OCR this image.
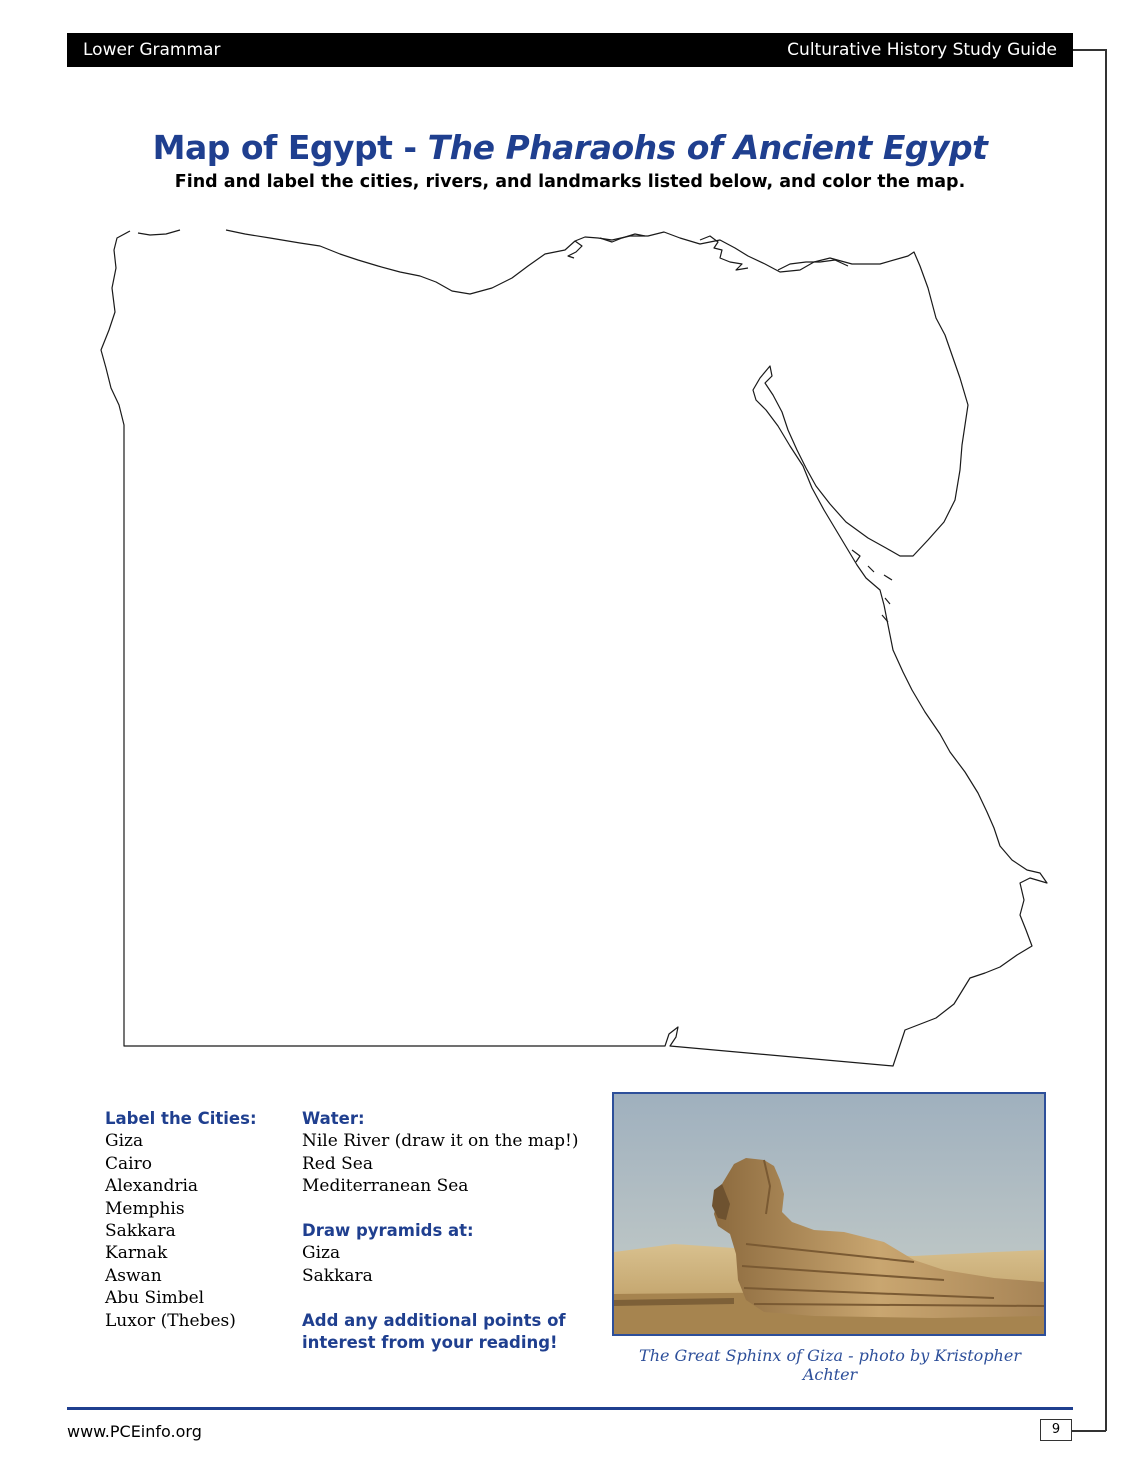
Lower Grammar	Culturative History Study Guide
Map of Egypt - The Pharaohs of Ancient Egypt
Find and label the cities, rivers, and landmarks listed below, and color the map.
Label the Cities:
Giza
Cairo
Alexandria
Memphis
Sakkara
Karnak
Aswan
Abu Simbel
Luxor (Thebes)
Water:
Nile River (draw it on the map!)
Red Sea
Mediterranean Sea
Draw pyramids at:
Giza
Sakkara
Add any additional points of
interest from your reading!
The Great Sphinx of Giza - photo by Kristopher Achter
www.PCEinfo.org	9
